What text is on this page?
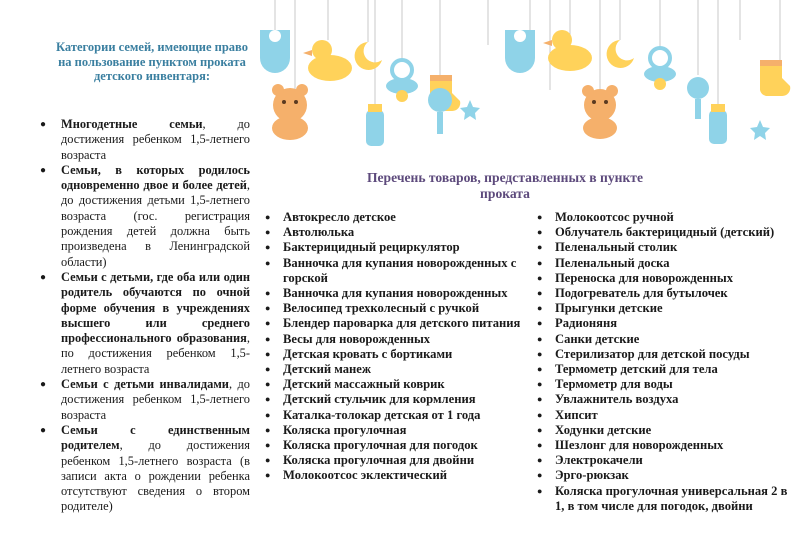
Категории семей, имеющие право на пользование пунктом проката детского инвентаря:
● Многодетные семьи, до достижения ребенком 1,5-летнего возраста
● Семьи, в которых родилось одновременно двое и более детей, до достижения детьми 1,5-летнего возраста (гос. регистрация рождения детей должна быть произведена в Ленинградской области)
● Семьи с детьми, где оба или один родитель обучаются по очной форме обучения в учреждениях высшего или среднего профессионального образования, по достижения ребенком 1,5-летнего возраста
● Семьи с детьми инвалидами, до достижения ребенком 1,5-летнего возраста
● Семьи с единственным родителем, до достижения ребенком 1,5-летнего возраста (в записи акта о рождении ребенка отсутствуют сведения о втором родителе)
Перечень товаров, представленных в пункте проката
● Автокресло детское
● Автолюлька
● Бактерицидный рециркулятор
● Ванночка для купания новорожденных с горской
● Ванночка для купания новорожденных
● Велосипед трехколесный с ручкой
● Блендер пароварка для детского питания
● Весы для новорожденных
● Детская кровать с бортиками
● Детский манеж
● Детский массажный коврик
● Детский стульчик для кормления
● Каталка-толокар детская от 1 года
● Коляска прогулочная
● Коляска прогулочная для погодок
● Коляска прогулочная для двойни
● Молокоотсос эклектический
● Молокоотсос ручной
● Облучатель бактерицидный (детский)
● Пеленальный столик
● Пеленальный доска
● Переноска для новорожденных
● Подогреватель для бутылочек
● Прыгунки детские
● Радионяня
● Санки детские
● Стерилизатор для детской посуды
● Термометр детский для тела
● Термометр для воды
● Увлажнитель воздуха
● Хипсит
● Ходунки детские
● Шезлонг для новорожденных
● Электрокачели
● Эрго-рюкзак
● Коляска прогулочная универсальная 2 в 1, в том числе для погодок, двойни
